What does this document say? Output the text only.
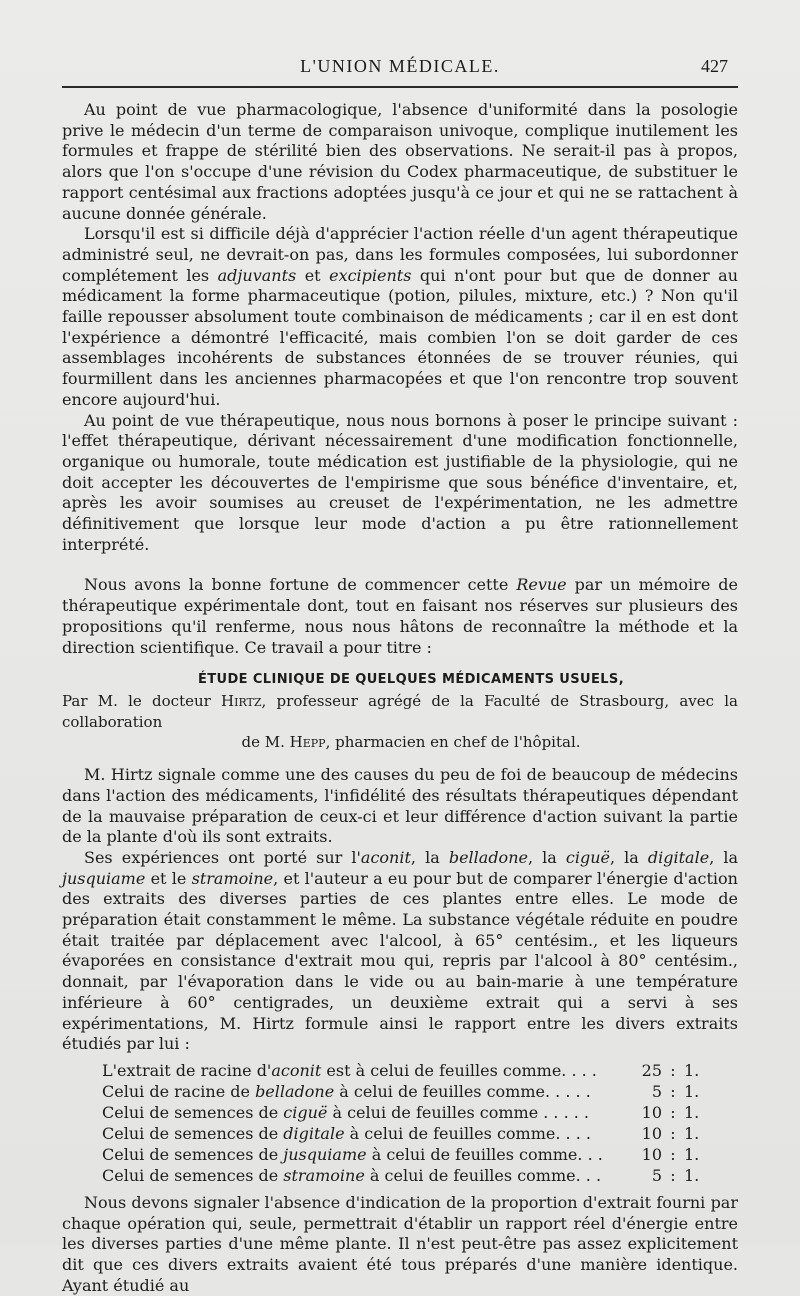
L'UNION MÉDICALE.	427

Au point de vue pharmacologique, l'absence d'uniformité dans la posologie prive le médecin d'un terme de comparaison univoque, complique inutilement les formules et frappe de stérilité bien des observations. Ne serait-il pas à propos, alors que l'on s'occupe d'une révision du Codex pharmaceutique, de substituer le rapport centésimal aux fractions adoptées jusqu'à ce jour et qui ne se rattachent à aucune donnée générale.

Lorsqu'il est si difficile déjà d'apprécier l'action réelle d'un agent thérapeutique administré seul, ne devrait-on pas, dans les formules composées, lui subordonner complétement les adjuvants et excipients qui n'ont pour but que de donner au médicament la forme pharmaceutique (potion, pilules, mixture, etc.) ? Non qu'il faille repousser absolument toute combinaison de médicaments ; car il en est dont l'expérience a démontré l'efficacité, mais combien l'on se doit garder de ces assemblages incohérents de substances étonnées de se trouver réunies, qui fourmillent dans les anciennes pharmacopées et que l'on rencontre trop souvent encore aujourd'hui.

Au point de vue thérapeutique, nous nous bornons à poser le principe suivant : l'effet thérapeutique, dérivant nécessairement d'une modification fonctionnelle, organique ou humorale, toute médication est justifiable de la physiologie, qui ne doit accepter les découvertes de l'empirisme que sous bénéfice d'inventaire, et, après les avoir soumises au creuset de l'expérimentation, ne les admettre définitivement que lorsque leur mode d'action a pu être rationnellement interprété.

Nous avons la bonne fortune de commencer cette Revue par un mémoire de thérapeutique expérimentale dont, tout en faisant nos réserves sur plusieurs des propositions qu'il renferme, nous nous hâtons de reconnaître la méthode et la direction scientifique. Ce travail a pour titre :

ÉTUDE CLINIQUE DE QUELQUES MÉDICAMENTS USUELS,

Par M. le docteur Hirtz, professeur agrégé de la Faculté de Strasbourg, avec la collaboration

de M. Hepp, pharmacien en chef de l'hôpital.

M. Hirtz signale comme une des causes du peu de foi de beaucoup de médecins dans l'action des médicaments, l'infidélité des résultats thérapeutiques dépendant de la mauvaise préparation de ceux-ci et leur différence d'action suivant la partie de la plante d'où ils sont extraits.

Ses expériences ont porté sur l'aconit, la belladone, la ciguë, la digitale, la jusquiame et le stramoine, et l'auteur a eu pour but de comparer l'énergie d'action des extraits des diverses parties de ces plantes entre elles. Le mode de préparation était constamment le même. La substance végétale réduite en poudre était traitée par déplacement avec l'alcool, à 65° centésim., et les liqueurs évaporées en consistance d'extrait mou qui, repris par l'alcool à 80° centésim., donnait, par l'évaporation dans le vide ou au bain-marie à une température inférieure à 60° centigrades, un deuxième extrait qui a servi à ses expérimentations, M. Hirtz formule ainsi le rapport entre les divers extraits étudiés par lui :

L'extrait de racine d'aconit est à celui de feuilles comme. . . .	25 : 1.
Celui de racine de belladone à celui de feuilles comme. . . . .	5 : 1.
Celui de semences de ciguë à celui de feuilles comme . . . . .	10 : 1.
Celui de semences de digitale à celui de feuilles comme. . . .	10 : 1.
Celui de semences de jusquiame à celui de feuilles comme. . .	10 : 1.
Celui de semences de stramoine à celui de feuilles comme. . .	5 : 1.

Nous devons signaler l'absence d'indication de la proportion d'extrait fourni par chaque opération qui, seule, permettrait d'établir un rapport réel d'énergie entre les diverses parties d'une même plante. Il n'est peut-être pas assez explicitement dit que ces divers extraits avaient été tous préparés d'une manière identique. Ayant étudié au
